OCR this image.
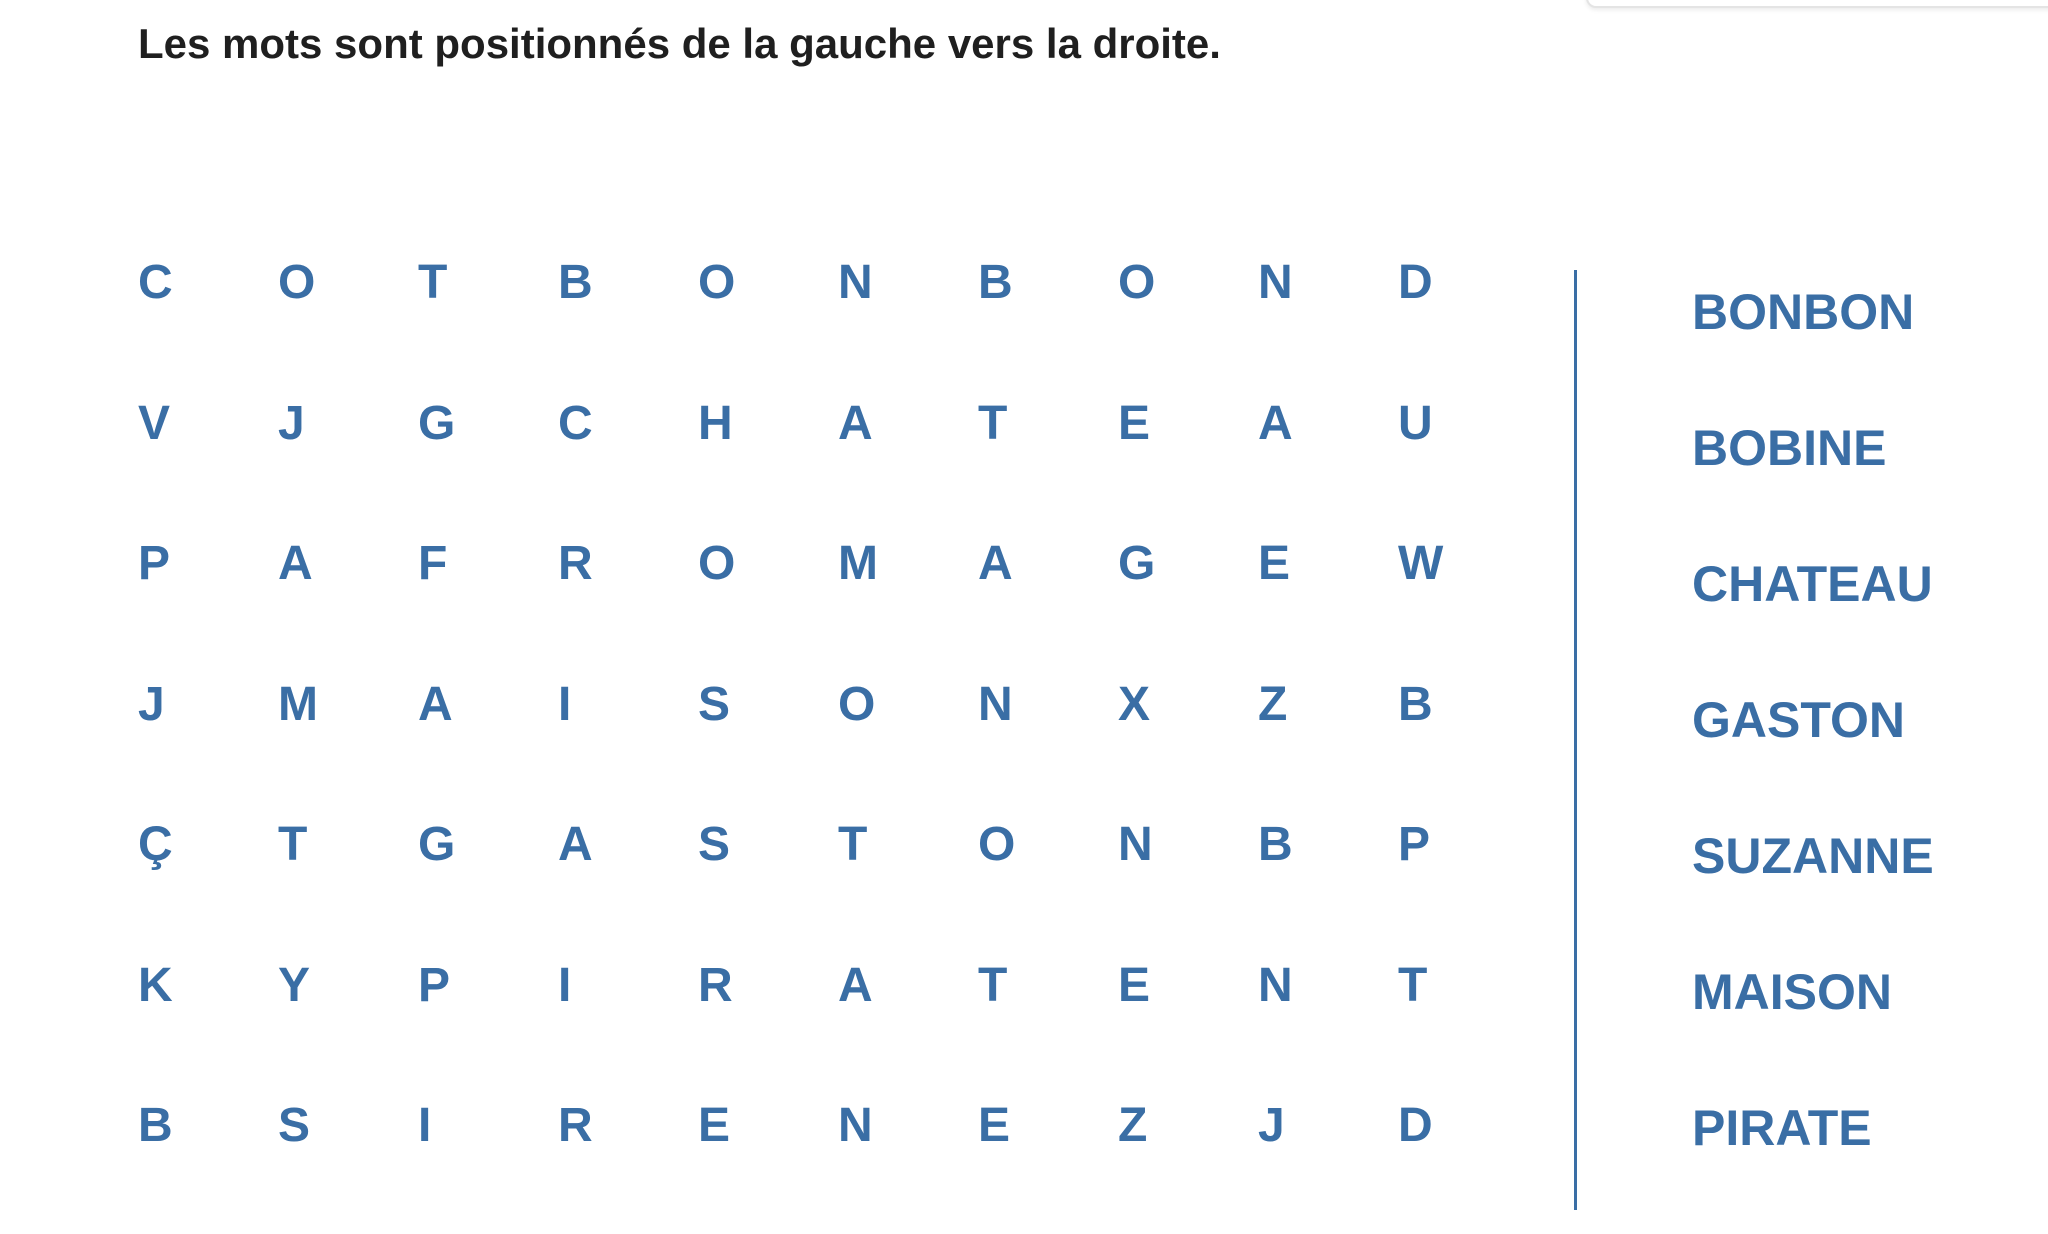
Les mots sont positionnés de la gauche vers la droite.

C	O	T	B	O	N	B	O	N	D
V	J	G	C	H	A	T	E	A	U
P	A	F	R	O	M	A	G	E	W
J	M	A	I	S	O	N	X	Z	B
Ç	T	G	A	S	T	O	N	B	P
K	Y	P	I	R	A	T	E	N	T
B	S	I	R	E	N	E	Z	J	D
BONBON
BOBINE
CHATEAU
GASTON
SUZANNE
MAISON
PIRATE
